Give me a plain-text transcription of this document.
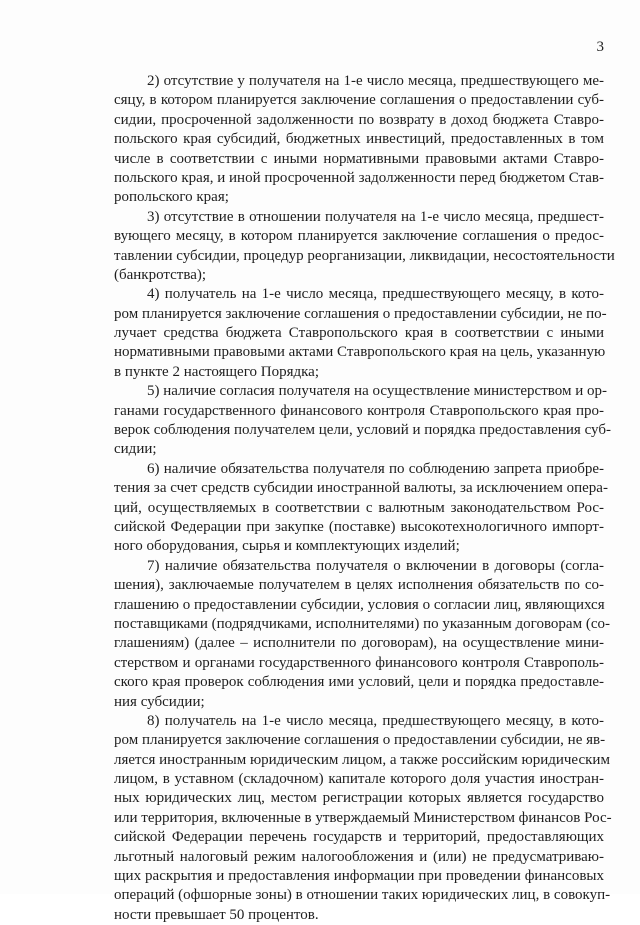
3
2) отсутствие у получателя на 1-е число месяца, предшествующего ме-
сяцу, в котором планируется заключение соглашения о предоставлении суб-
сидии, просроченной задолженности по возврату в доход бюджета Ставро-
польского края субсидий, бюджетных инвестиций, предоставленных в том
числе в соответствии с иными нормативными правовыми актами Ставро-
польского края, и иной просроченной задолженности перед бюджетом Став-
ропольского края;
3) отсутствие в отношении получателя на 1-е число месяца, предшест-
вующего месяцу, в котором планируется заключение соглашения о предос-
тавлении субсидии, процедур реорганизации, ликвидации, несостоятельности
(банкротства);
4) получатель на 1-е число месяца, предшествующего месяцу, в кото-
ром планируется заключение соглашения о предоставлении субсидии, не по-
лучает средства бюджета Ставропольского края в соответствии с иными
нормативными правовыми актами Ставропольского края на цель, указанную
в пункте 2 настоящего Порядка;
5) наличие согласия получателя на осуществление министерством и ор-
ганами государственного финансового контроля Ставропольского края про-
верок соблюдения получателем цели, условий и порядка предоставления суб-
сидии;
6) наличие обязательства получателя по соблюдению запрета приобре-
тения за счет средств субсидии иностранной валюты, за исключением опера-
ций, осуществляемых в соответствии с валютным законодательством Рос-
сийской Федерации при закупке (поставке) высокотехнологичного импорт-
ного оборудования, сырья и комплектующих изделий;
7) наличие обязательства получателя о включении в договоры (согла-
шения), заключаемые получателем в целях исполнения обязательств по со-
глашению о предоставлении субсидии, условия о согласии лиц, являющихся
поставщиками (подрядчиками, исполнителями) по указанным договорам (со-
глашениям) (далее – исполнители по договорам), на осуществление мини-
стерством и органами государственного финансового контроля Ставрополь-
ского края проверок соблюдения ими условий, цели и порядка предоставле-
ния субсидии;
8) получатель на 1-е число месяца, предшествующего месяцу, в кото-
ром планируется заключение соглашения о предоставлении субсидии, не яв-
ляется иностранным юридическим лицом, а также российским юридическим
лицом, в уставном (складочном) капитале которого доля участия иностран-
ных юридических лиц, местом регистрации которых является государство
или территория, включенные в утверждаемый Министерством финансов Рос-
сийской Федерации перечень государств и территорий, предоставляющих
льготный налоговый режим налогообложения и (или) не предусматриваю-
щих раскрытия и предоставления информации при проведении финансовых
операций (офшорные зоны) в отношении таких юридических лиц, в совокуп-
ности превышает 50 процентов.
